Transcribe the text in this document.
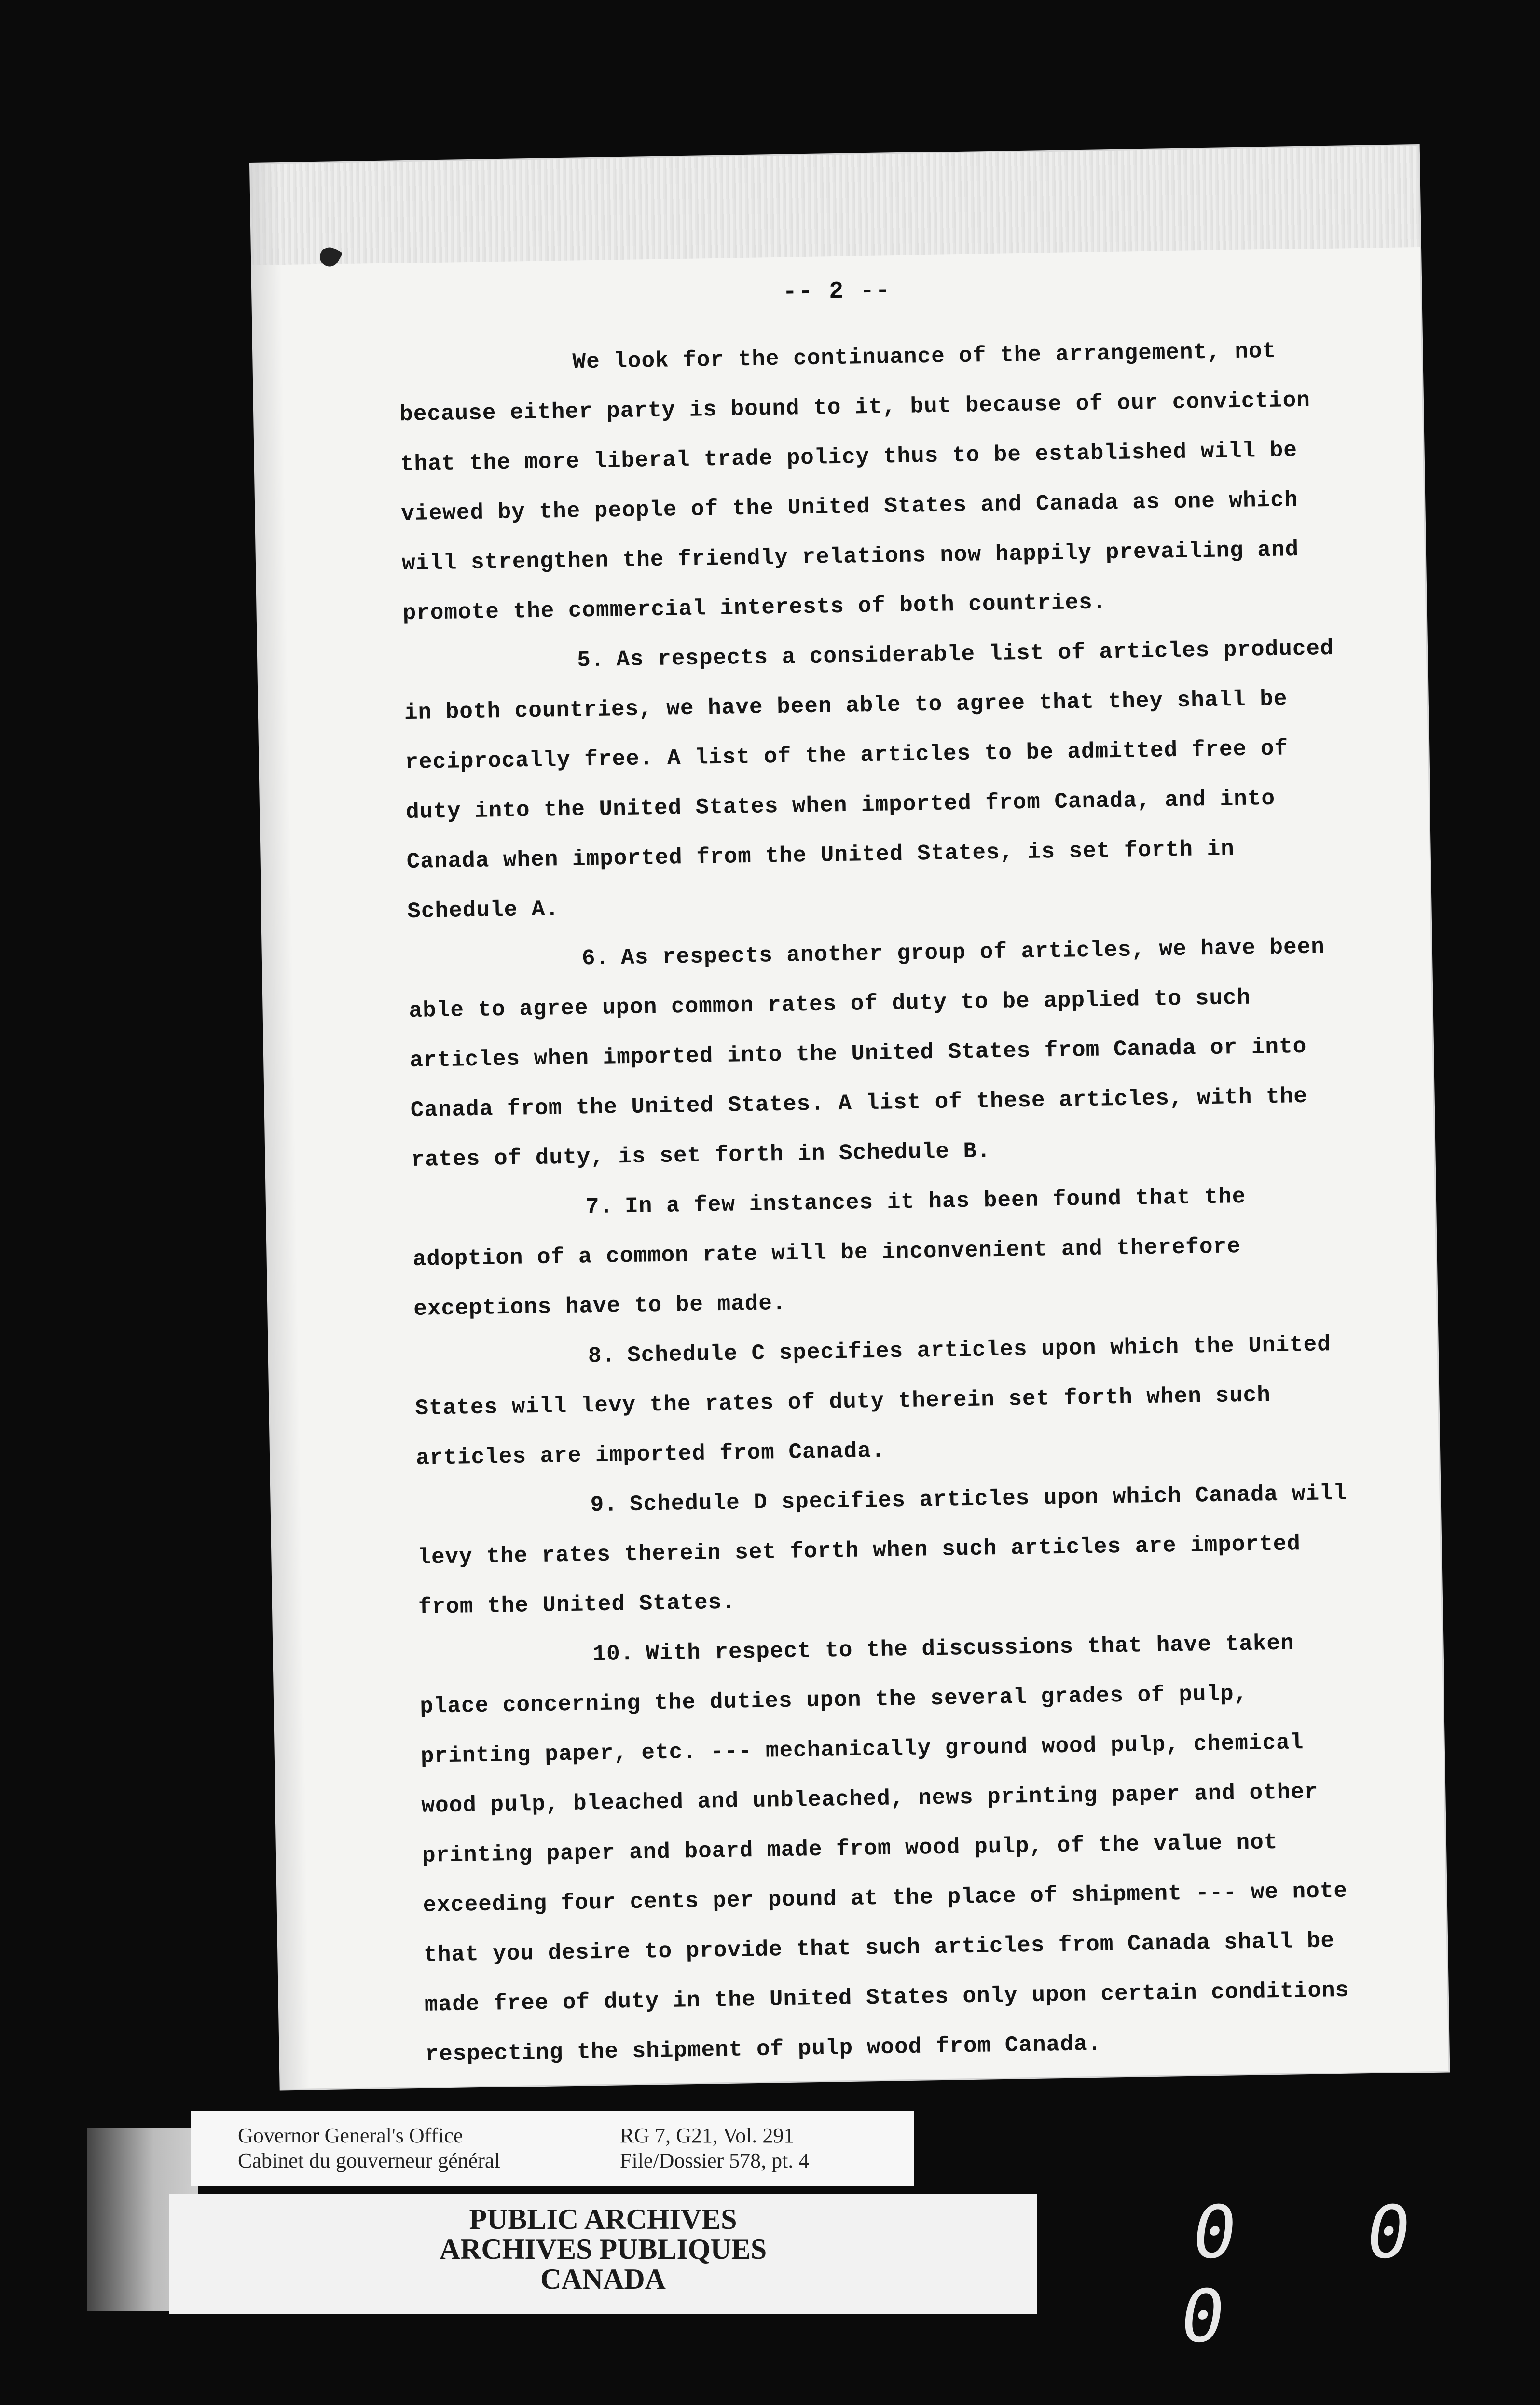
-- 2 --

We look for the continuance of the arrangement, not because either party is bound to it, but because of our conviction that the more liberal trade policy thus to be established will be viewed by the people of the United States and Canada as one which will strengthen the friendly relations now happily prevailing and promote the commercial interests of both countries.

5. As respects a considerable list of articles produced in both countries, we have been able to agree that they shall be reciprocally free. A list of the articles to be admitted free of duty into the United States when imported from Canada, and into Canada when imported from the United States, is set forth in Schedule A.

6. As respects another group of articles, we have been able to agree upon common rates of duty to be applied to such articles when imported into the United States from Canada or into Canada from the United States. A list of these articles, with the rates of duty, is set forth in Schedule B.

7. In a few instances it has been found that the adoption of a common rate will be inconvenient and therefore exceptions have to be made.

8. Schedule C specifies articles upon which the United States will levy the rates of duty therein set forth when such articles are imported from Canada.

9. Schedule D specifies articles upon which Canada will levy the rates therein set forth when such articles are imported from the United States.

10. With respect to the discussions that have taken place concerning the duties upon the several grades of pulp, printing paper, etc. --- mechanically ground wood pulp, chemical wood pulp, bleached and unbleached, news printing paper and other printing paper and board made from wood pulp, of the value not exceeding four cents per pound at the place of shipment --- we note that you desire to provide that such articles from Canada shall be made free of duty in the United States only upon certain conditions respecting the shipment of pulp wood from Canada.

Governor General's Office
Cabinet du gouverneur général
RG 7, G21, Vol. 291
File/Dossier 578, pt. 4
PUBLIC ARCHIVES
ARCHIVES PUBLIQUES
CANADA
0 0 0
